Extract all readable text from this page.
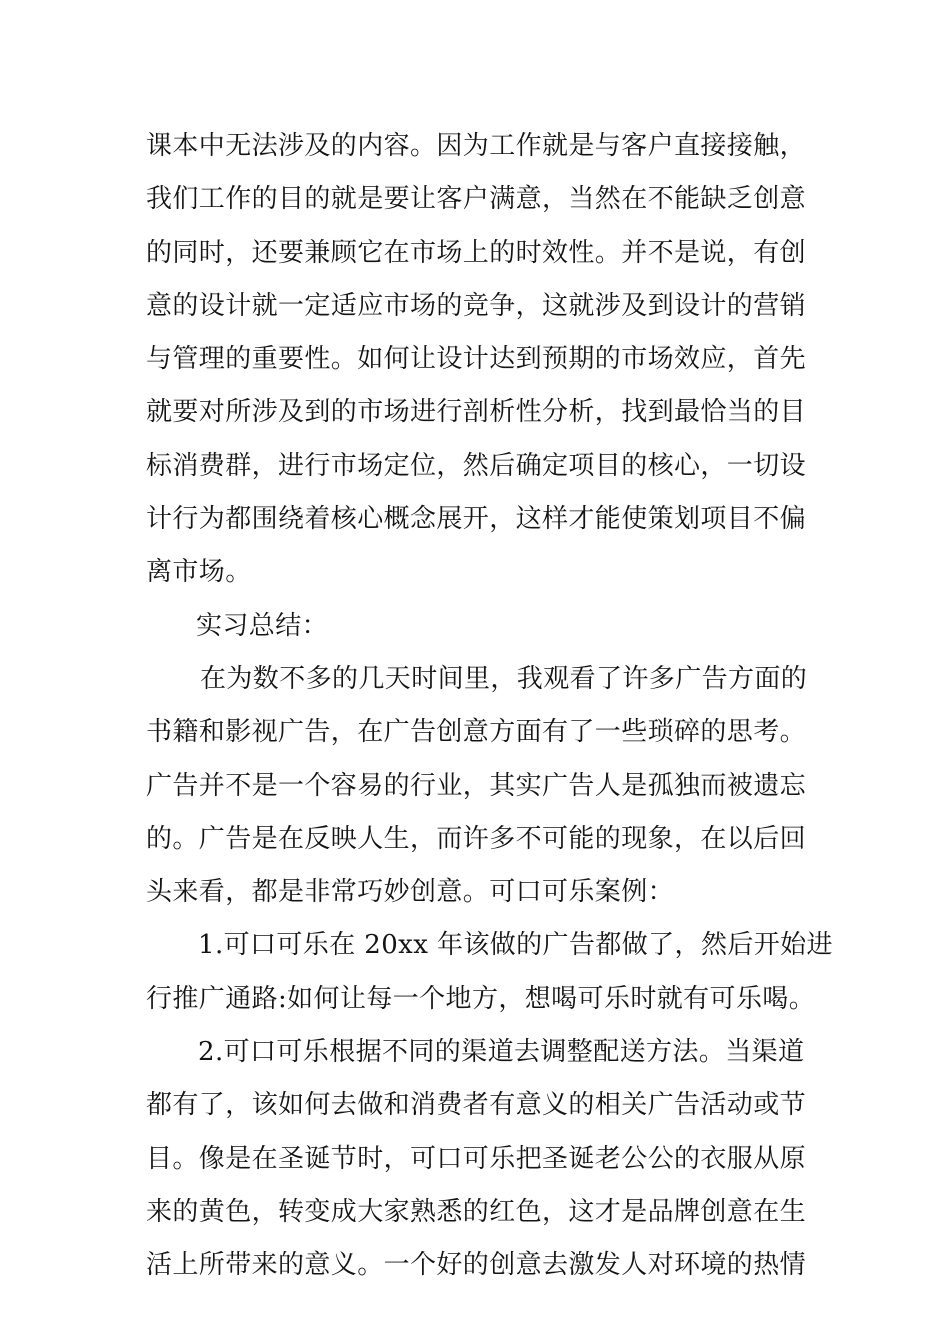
课本中无法涉及的内容。因为工作就是与客户直接接触，
我们工作的目的就是要让客户满意，当然在不能缺乏创意
的同时，还要兼顾它在市场上的时效性。并不是说，有创
意的设计就一定适应市场的竞争，这就涉及到设计的营销
与管理的重要性。如何让设计达到预期的市场效应，首先
就要对所涉及到的市场进行剖析性分析，找到最恰当的目
标消费群，进行市场定位，然后确定项目的核心，一切设
计行为都围绕着核心概念展开，这样才能使策划项目不偏
离市场。
实习总结：
在为数不多的几天时间里，我观看了许多广告方面的
书籍和影视广告，在广告创意方面有了一些琐碎的思考。
广告并不是一个容易的行业，其实广告人是孤独而被遗忘
的。广告是在反映人生，而许多不可能的现象，在以后回
头来看，都是非常巧妙创意。可口可乐案例：
1.可口可乐在 20xx 年该做的广告都做了，然后开始进
行推广通路:如何让每一个地方，想喝可乐时就有可乐喝。
2.可口可乐根据不同的渠道去调整配送方法。当渠道
都有了，该如何去做和消费者有意义的相关广告活动或节
目。像是在圣诞节时，可口可乐把圣诞老公公的衣服从原
来的黄色，转变成大家熟悉的红色，这才是品牌创意在生
活上所带来的意义。一个好的创意去激发人对环境的热情
